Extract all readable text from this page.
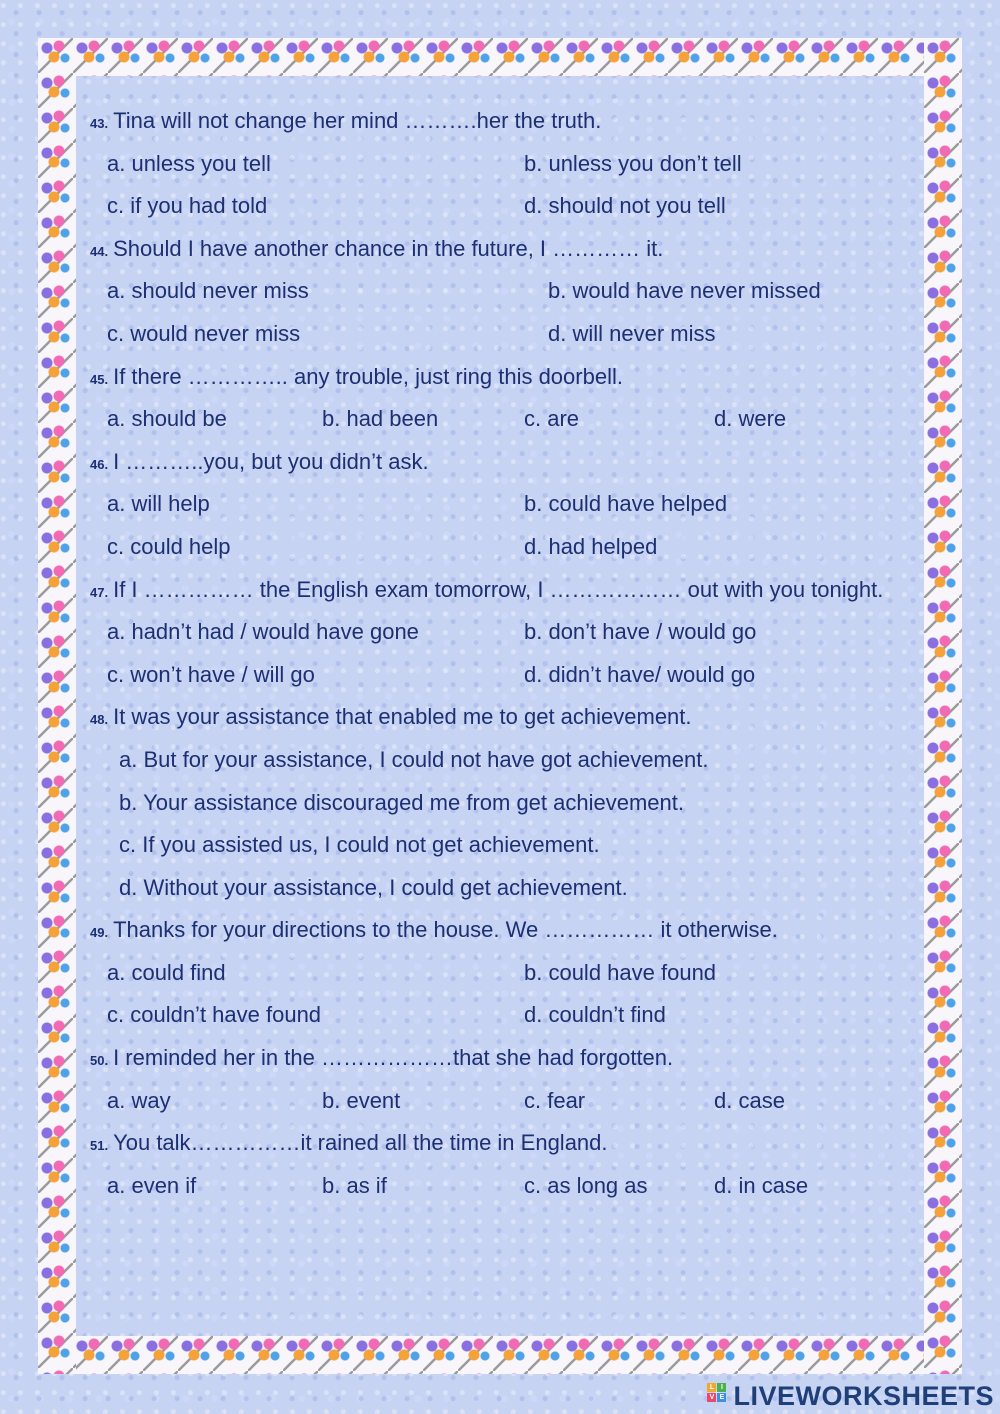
43. Tina will not change her mind ……….her the truth.
a. unless you tell	b. unless you don’t tell
c. if you had told	d. should not you tell
44. Should I have another chance in the future, I ………… it.
a. should never miss	b. would have never missed
c. would never miss	d. will never miss
45. If there ………….. any trouble, just ring this doorbell.
a. should be	b. had been	c. are	d. were
46. I ………..you, but you didn’t ask.
a. will help	b. could have helped
c. could help	d. had helped
47. If I …………… the English exam tomorrow, I ……………… out with you tonight.
a. hadn’t had / would have gone	b. don’t have / would go
c. won’t have / will go	d. didn’t have/ would go
48. It was your assistance that enabled me to get achievement.
a. But for your assistance, I could not have got achievement.
b. Your assistance discouraged me from get achievement.
c. If you assisted us, I could not get achievement.
d. Without your assistance, I could get achievement.
49. Thanks for your directions to the house. We …………… it otherwise.
a. could find	b. could have found
c. couldn’t have found	d. couldn’t find
50. I reminded her in the ………………that she had forgotten.
a. way	b. event	c. fear	d. case
51. You talk……………it rained all the time in England.
a. even if	b. as if	c. as long as	d. in case
L I
V E LIVEWORKSHEETS
